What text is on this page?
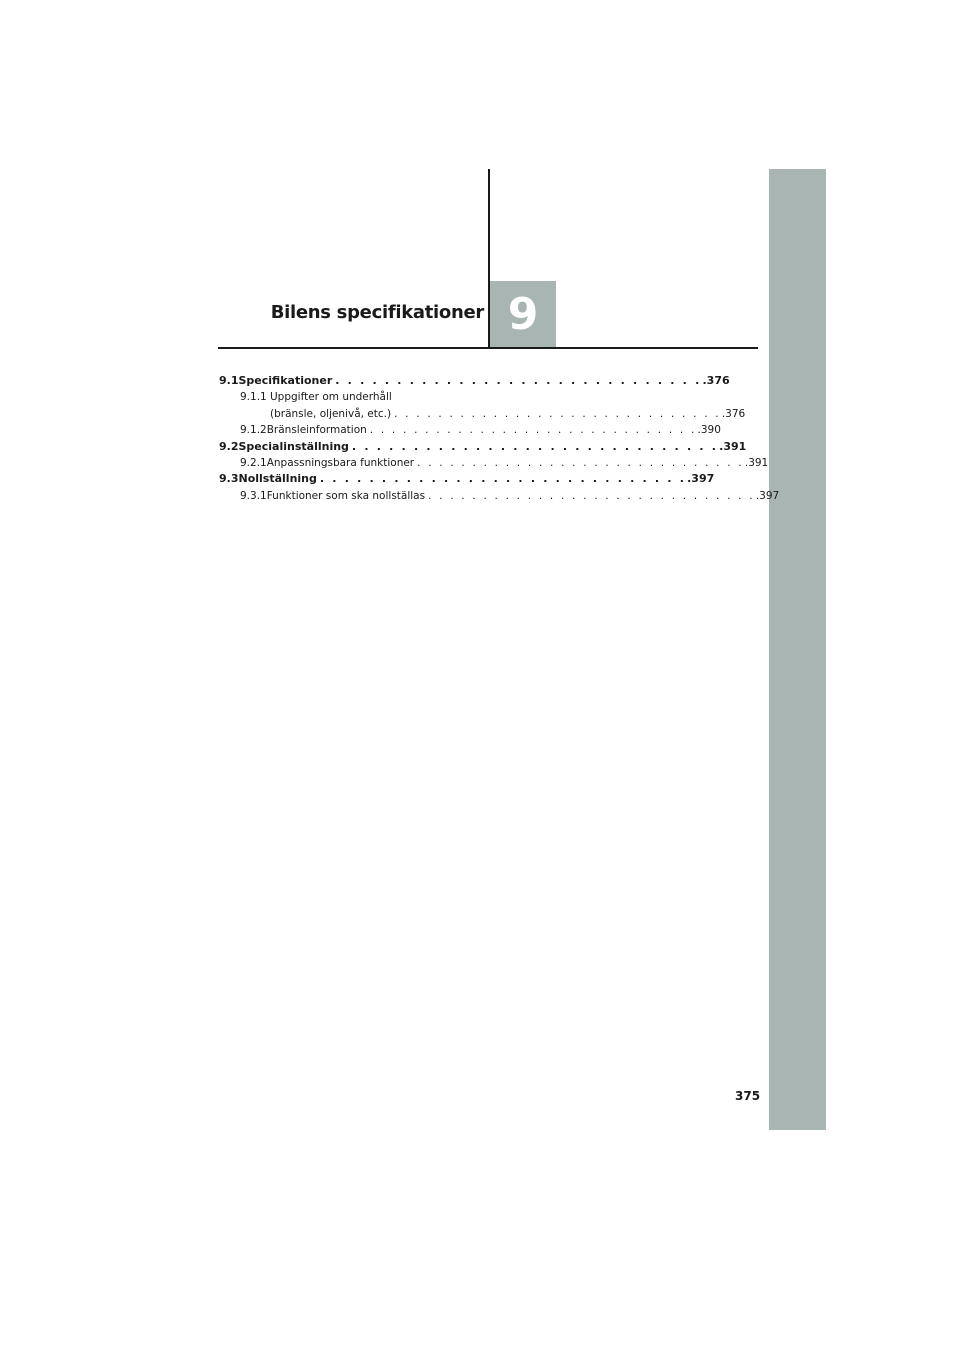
Bilens specifikationer 9
9.1 Specifikationer . . . . . . . . . . . . . . . . . . . . . . . . . . . . . . .376
9.1.1 Uppgifter om underhåll
(bränsle, oljenivå, etc.) . . . . . . . . . . . . . . . . . . . . . . . . . . . . . . .376
9.1.2 Bränsleinformation . . . . . . . . . . . . . . . . . . . . . . . . . . . . . . .390
9.2 Specialinställning . . . . . . . . . . . . . . . . . . . . . . . . . . . . . . .391
9.2.1 Anpassningsbara funktioner . . . . . . . . . . . . . . . . . . . . . . . . . . . . . . .391
9.3 Nollställning . . . . . . . . . . . . . . . . . . . . . . . . . . . . . . .397
9.3.1 Funktioner som ska nollställas . . . . . . . . . . . . . . . . . . . . . . . . . . . . . . .397
375
